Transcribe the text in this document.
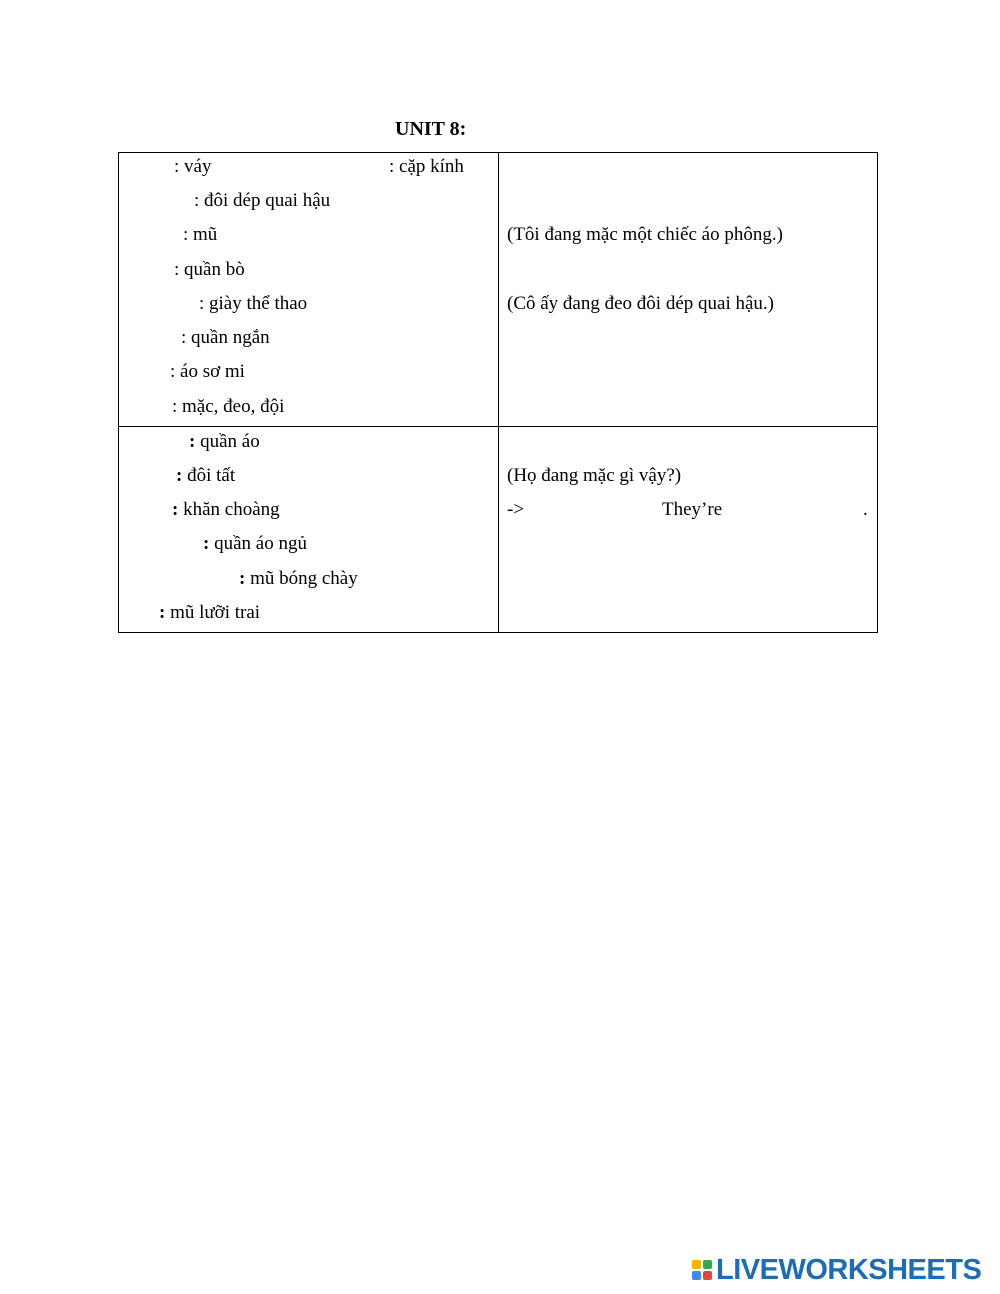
UNIT 8:
: váy	: cặp kính
: đôi dép quai hậu
: mũ
: quần bò
: giày thể thao
: quần ngắn
: áo sơ mi
: mặc, đeo, đội
(Tôi đang mặc một chiếc áo phông.)
(Cô ấy đang đeo đôi dép quai hậu.)
: quần áo
: đôi tất
: khăn choàng
: quần áo ngủ
: mũ bóng chày
: mũ lưỡi trai
(Họ đang mặc gì vậy?)
->	They’re	.
LIVEWORKSHEETS
